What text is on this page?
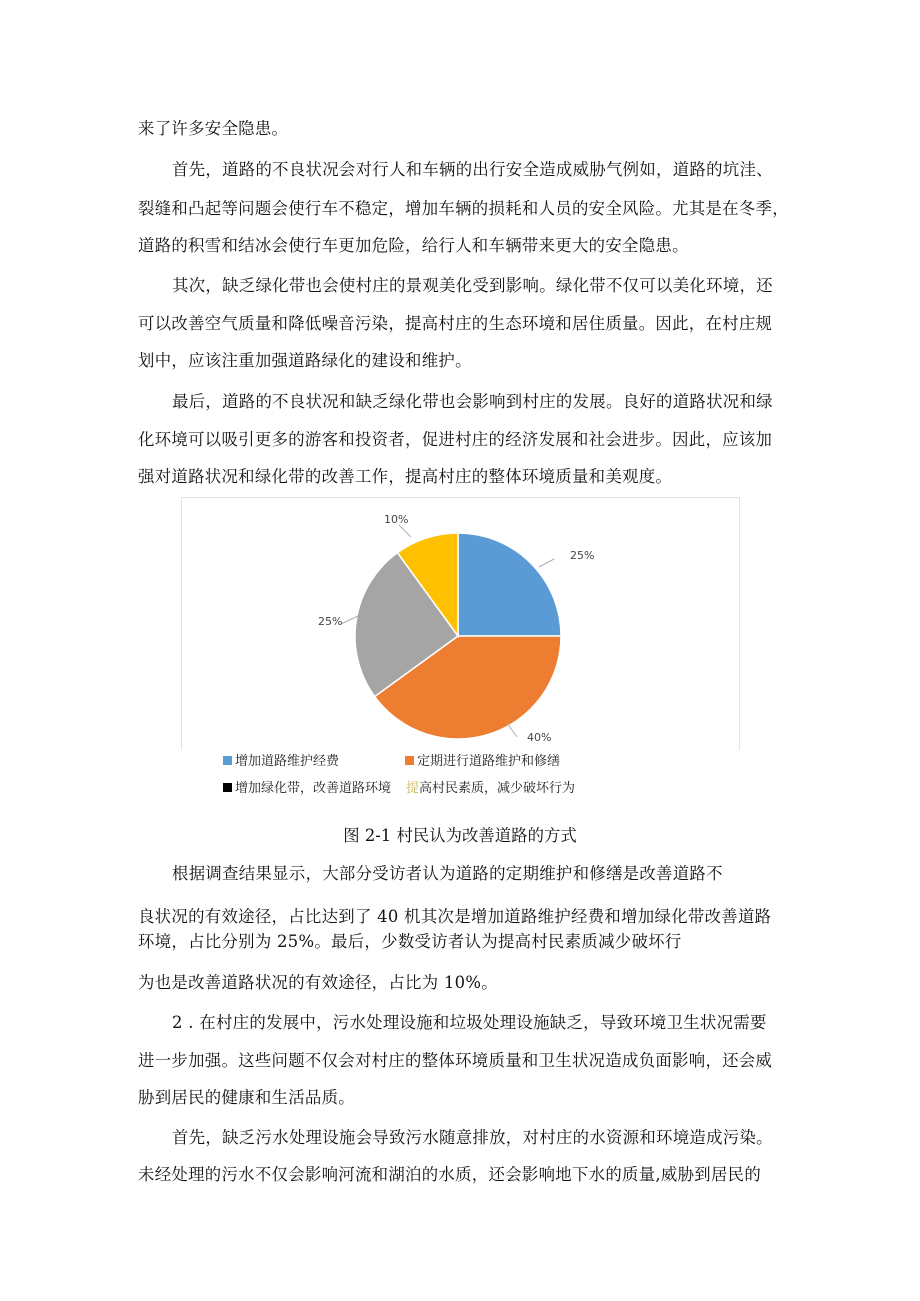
来了许多安全隐患。
首先，道路的不良状况会对行人和车辆的出行安全造成威胁气例如，道路的坑洼、
裂缝和凸起等问题会使行车不稳定，增加车辆的损耗和人员的安全风险。尤其是在冬季，
道路的积雪和结冰会使行车更加危险，给行人和车辆带来更大的安全隐患。
其次，缺乏绿化带也会使村庄的景观美化受到影响。绿化带不仅可以美化环境，还
可以改善空气质量和降低噪音污染，提高村庄的生态环境和居住质量。因此，在村庄规
划中，应该注重加强道路绿化的建设和维护。
最后，道路的不良状况和缺乏绿化带也会影响到村庄的发展。良好的道路状况和绿
化环境可以吸引更多的游客和投资者，促进村庄的经济发展和社会进步。因此，应该加
强对道路状况和绿化带的改善工作，提高村庄的整体环境质量和美观度。
25%
40%
25%
10%
增加道路维护经费	定期进行道路维护和修缮
增加绿化带，改善道路环境 提高村民素质，减少破坏行为
图 2-1 村民认为改善道路的方式
根据调查结果显示，大部分受访者认为道路的定期维护和修缮是改善道路不
良状况的有效途径，占比达到了 40 机其次是增加道路维护经费和增加绿化带改善道路
环境，占比分别为 25%。最后，少数受访者认为提高村民素质减少破坏行
为也是改善道路状况的有效途径，占比为 10%。
2 . 在村庄的发展中，污水处理设施和垃圾处理设施缺乏，导致环境卫生状况需要
进一步加强。这些问题不仅会对村庄的整体环境质量和卫生状况造成负面影响，还会威
胁到居民的健康和生活品质。
首先，缺乏污水处理设施会导致污水随意排放，对村庄的水资源和环境造成污染。
未经处理的污水不仅会影响河流和湖泊的水质，还会影响地下水的质量,威胁到居民的
